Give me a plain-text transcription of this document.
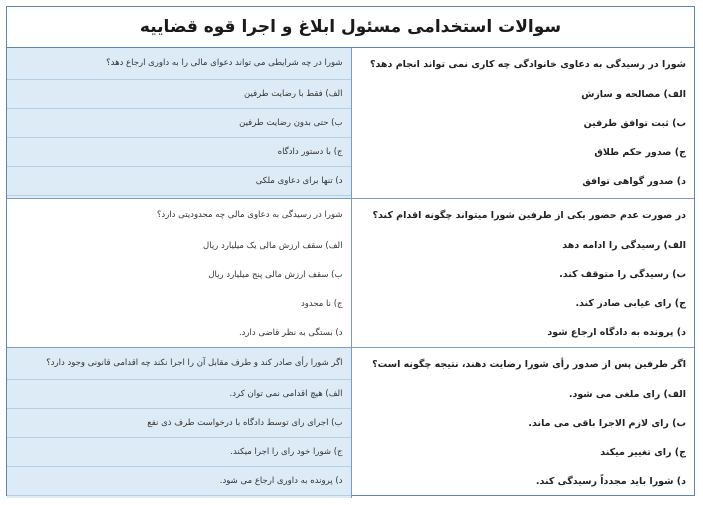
سوالات استخدامی مسئول ابلاغ و اجرا قوه قضاییه
شورا در رسیدگی به دعاوی خانوادگی چه کاری نمی تواند انجام دهد؟
الف) مصالحه و سازش
ب) ثبت توافق طرفین
ج) صدور حکم طلاق
د) صدور گواهی توافق
شورا در چه شرایطی می تواند دعوای مالی را به داوری ارجاع دهد؟
الف) فقط با رضایت طرفین
ب) حتی بدون رضایت طرفین
ج) با دستور دادگاه
د) تنها برای دعاوی ملکی
در صورت عدم حضور یکی از طرفین شورا میتواند چگونه اقدام کند؟
الف) رسیدگی را ادامه دهد
ب) رسیدگی را متوقف کند.
ج) رای غیابی صادر کند.
د) پرونده به دادگاه ارجاع شود
شورا در رسیدگی به دعاوی مالی چه محدودیتی دارد؟
الف) سقف ارزش مالی یک میلیارد ریال
ب) سقف ارزش مالی پنج میلیارد ریال
ج) نا محدود
د) بستگی به نظر قاضی دارد.
اگر طرفین پس از صدور رأی شورا رضایت دهند، نتیجه چگونه است؟
الف) رای ملغی می شود.
ب) رای لازم الاجرا باقی می ماند.
ج) رای تغییر میکند
د) شورا باید مجدداً رسیدگی کند.
اگر شورا رأی صادر کند و طرف مقابل آن را اجرا نکند چه اقدامی قانونی وجود دارد؟
الف) هیچ اقدامی نمی توان کرد.
ب) اجرای رای توسط دادگاه با درخواست طرف ذی نفع
ج) شورا خود رای را اجرا میکند.
د) پرونده به داوری ارجاع می شود.
